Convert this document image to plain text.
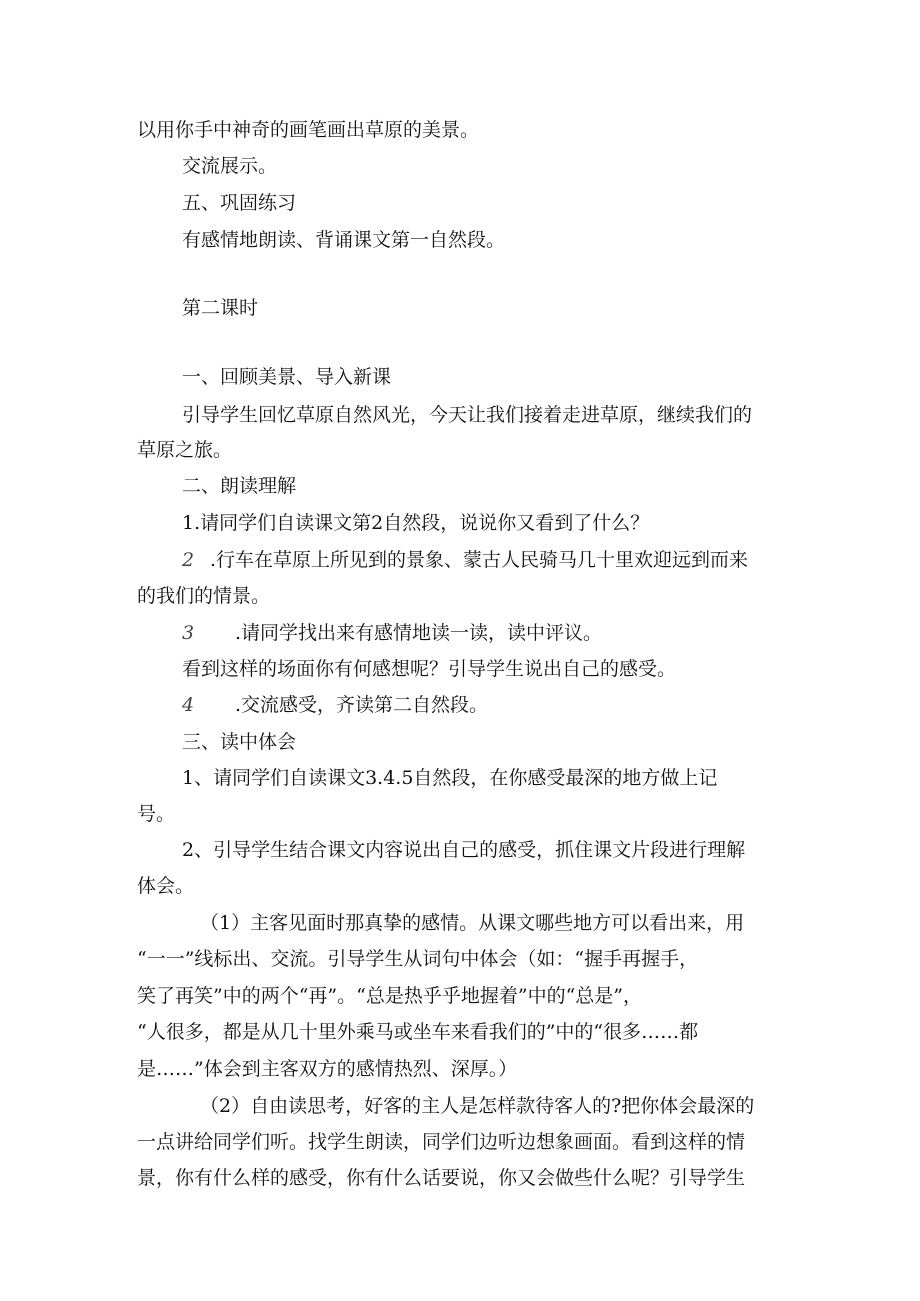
以用你手中神奇的画笔画出草原的美景。
交流展示。
五、巩固练习
有感情地朗读、背诵课文第一自然段。
第二课时
一、回顾美景、导入新课
引导学生回忆草原自然风光，今天让我们接着走进草原，继续我们的
草原之旅。
二、朗读理解
1.请同学们自读课文第2自然段，说说你又看到了什么？
2 .行车在草原上所见到的景象、蒙古人民骑马几十里欢迎远到而来
的我们的情景。
3 .请同学找出来有感情地读一读，读中评议。
看到这样的场面你有何感想呢？引导学生说出自己的感受。
4 .交流感受，齐读第二自然段。
三、读中体会
1、请同学们自读课文3.4.5自然段，在你感受最深的地方做上记
号。
2、引导学生结合课文内容说出自己的感受，抓住课文片段进行理解
体会。
（1）主客见面时那真挚的感情。从课文哪些地方可以看出来，用
“一一”线标出、交流。引导学生从词句中体会（如：“握手再握手，
笑了再笑”中的两个“再”。“总是热乎乎地握着”中的“总是”，
“人很多，都是从几十里外乘马或坐车来看我们的”中的“很多……都
是……”体会到主客双方的感情热烈、深厚。）
（2）自由读思考，好客的主人是怎样款待客人的?把你体会最深的
一点讲给同学们听。找学生朗读，同学们边听边想象画面。看到这样的情
景，你有什么样的感受，你有什么话要说，你又会做些什么呢？引导学生
